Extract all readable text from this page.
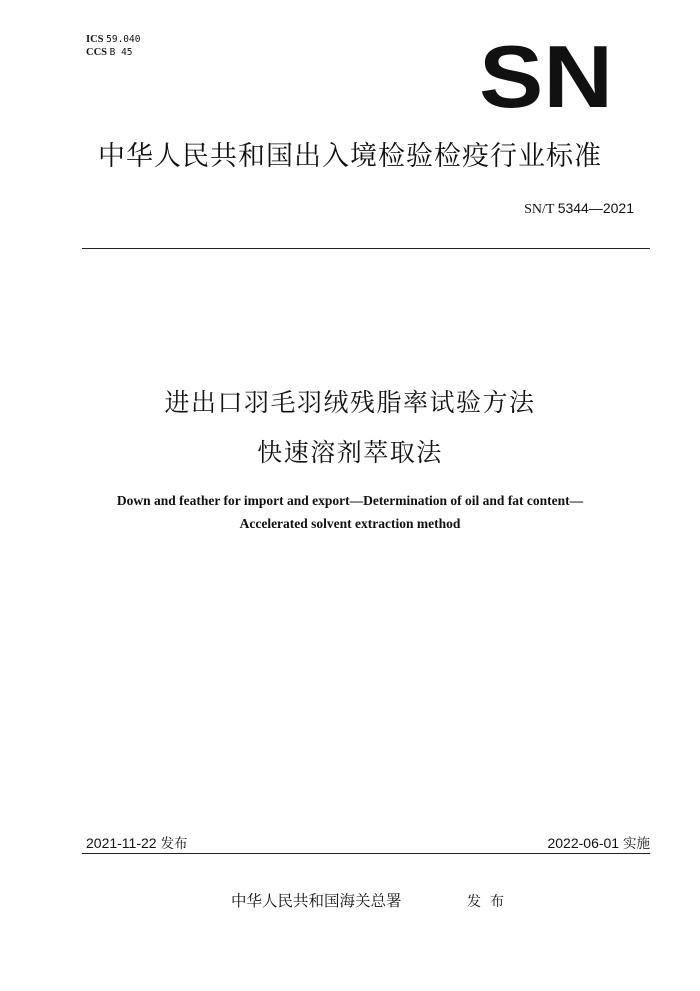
ICS 59.040
CCS B 45	SN
中华人民共和国出入境检验检疫行业标准
SN/T 5344—2021
进出口羽毛羽绒残脂率试验方法
快速溶剂萃取法
Down and feather for import and export—Determination of oil and fat content—
Accelerated solvent extraction method
2021-11-22 发布	2022-06-01 实施
中华人民共和国海关总署	发布
